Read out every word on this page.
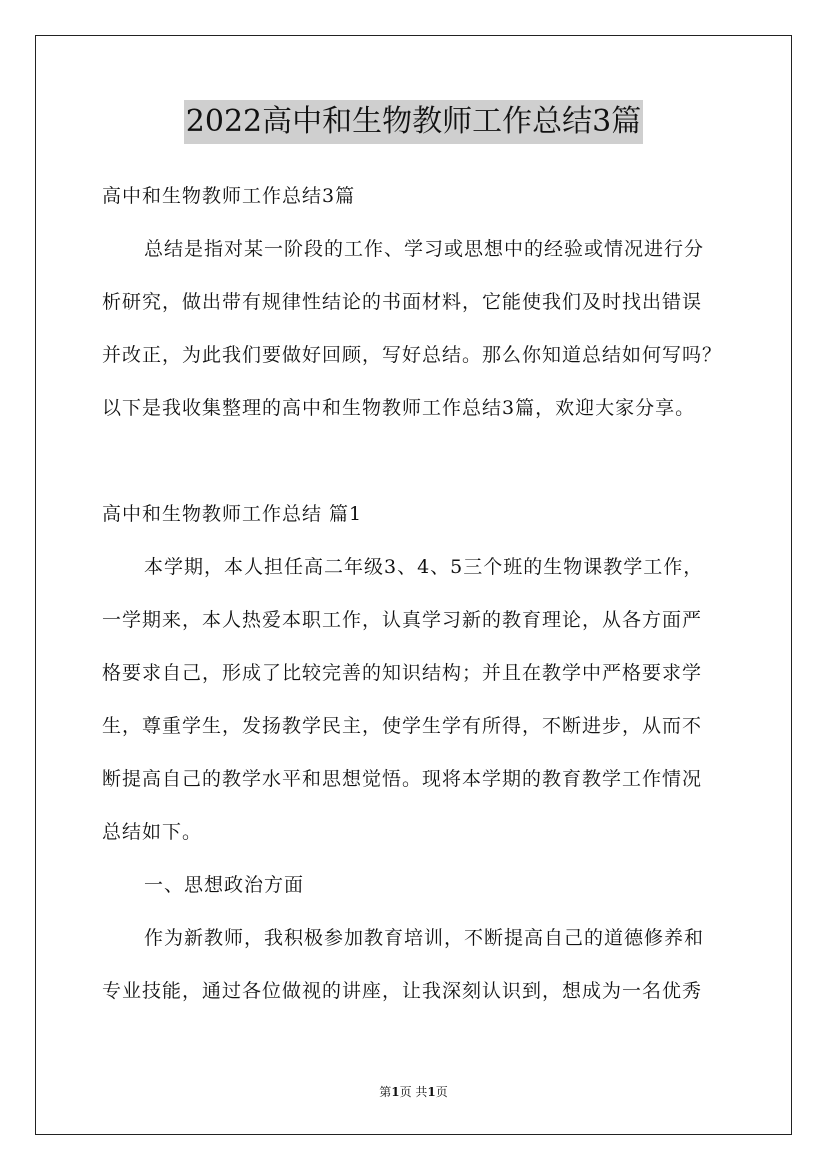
2022高中和生物教师工作总结3篇
高中和生物教师工作总结3篇
总结是指对某一阶段的工作、学习或思想中的经验或情况进行分
析研究，做出带有规律性结论的书面材料，它能使我们及时找出错误
并改正，为此我们要做好回顾，写好总结。那么你知道总结如何写吗？
以下是我收集整理的高中和生物教师工作总结3篇，欢迎大家分享。
高中和生物教师工作总结 篇1
本学期，本人担任高二年级3、4、5三个班的生物课教学工作，
一学期来，本人热爱本职工作，认真学习新的教育理论，从各方面严
格要求自己，形成了比较完善的知识结构；并且在教学中严格要求学
生，尊重学生，发扬教学民主，使学生学有所得，不断进步，从而不
断提高自己的教学水平和思想觉悟。现将本学期的教育教学工作情况
总结如下。
一、思想政治方面
作为新教师，我积极参加教育培训，不断提高自己的道德修养和
专业技能，通过各位做视的讲座，让我深刻认识到，想成为一名优秀
第1页 共1页
